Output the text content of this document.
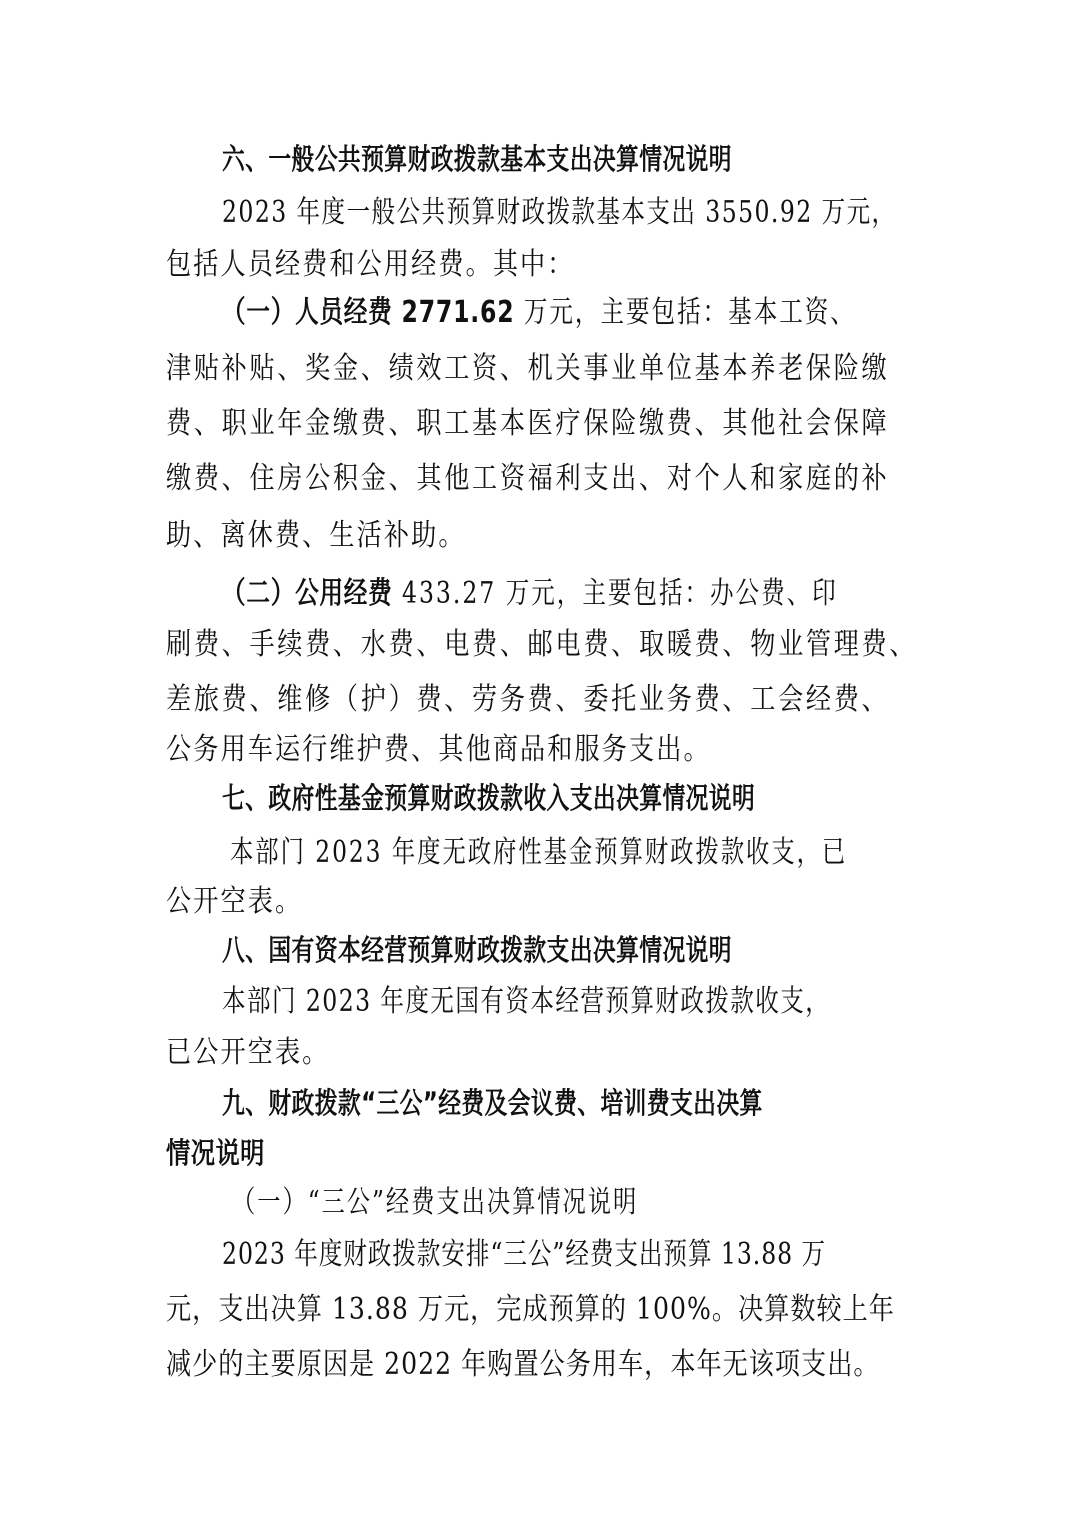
六、一般公共预算财政拨款基本支出决算情况说明
2023 年度一般公共预算财政拨款基本支出 3550.92 万元，
包括人员经费和公用经费。其中：
（一）人员经费 2771.62 万元，主要包括：基本工资、
津贴补贴、奖金、绩效工资、机关事业单位基本养老保险缴
费、职业年金缴费、职工基本医疗保险缴费、其他社会保障
缴费、住房公积金、其他工资福利支出、对个人和家庭的补
助、离休费、生活补助。
（二）公用经费 433.27 万元，主要包括：办公费、印
刷费、手续费、水费、电费、邮电费、取暖费、物业管理费、
差旅费、维修（护）费、劳务费、委托业务费、工会经费、
公务用车运行维护费、其他商品和服务支出。
七、政府性基金预算财政拨款收入支出决算情况说明
本部门 2023 年度无政府性基金预算财政拨款收支，已
公开空表。
八、国有资本经营预算财政拨款支出决算情况说明
本部门 2023 年度无国有资本经营预算财政拨款收支，
已公开空表。
九、财政拨款“三公”经费及会议费、培训费支出决算
情况说明
（一）“三公”经费支出决算情况说明
2023 年度财政拨款安排“三公”经费支出预算 13.88 万
元，支出决算 13.88 万元，完成预算的 100%。决算数较上年
减少的主要原因是 2022 年购置公务用车，本年无该项支出。
